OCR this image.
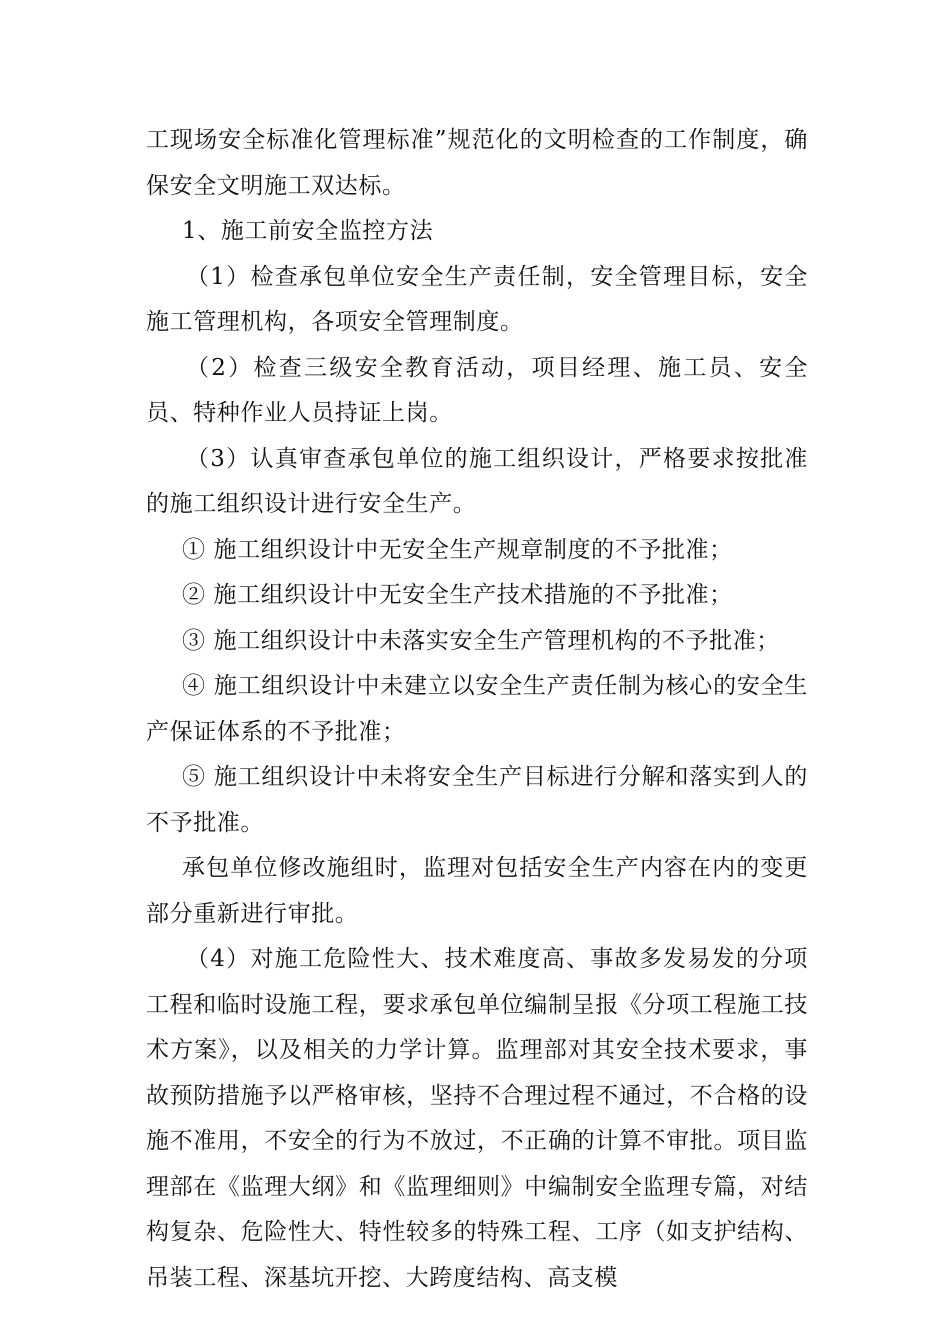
工现场安全标准化管理标准”规范化的文明检查的工作制度，确保安全文明施工双达标。

1、施工前安全监控方法

（1）检查承包单位安全生产责任制，安全管理目标，安全施工管理机构，各项安全管理制度。

（2）检查三级安全教育活动，项目经理、施工员、安全员、特种作业人员持证上岗。

（3）认真审查承包单位的施工组织设计，严格要求按批准的施工组织设计进行安全生产。

① 施工组织设计中无安全生产规章制度的不予批准；

② 施工组织设计中无安全生产技术措施的不予批准；

③ 施工组织设计中未落实安全生产管理机构的不予批准；

④ 施工组织设计中未建立以安全生产责任制为核心的安全生产保证体系的不予批准；

⑤ 施工组织设计中未将安全生产目标进行分解和落实到人的不予批准。

承包单位修改施组时，监理对包括安全生产内容在内的变更部分重新进行审批。

（4）对施工危险性大、技术难度高、事故多发易发的分项工程和临时设施工程，要求承包单位编制呈报《分项工程施工技术方案》，以及相关的力学计算。监理部对其安全技术要求，事故预防措施予以严格审核，坚持不合理过程不通过，不合格的设施不准用，不安全的行为不放过，不正确的计算不审批。项目监理部在《监理大纲》和《监理细则》中编制安全监理专篇，对结构复杂、危险性大、特性较多的特殊工程、工序（如支护结构、吊装工程、深基坑开挖、大跨度结构、高支模
